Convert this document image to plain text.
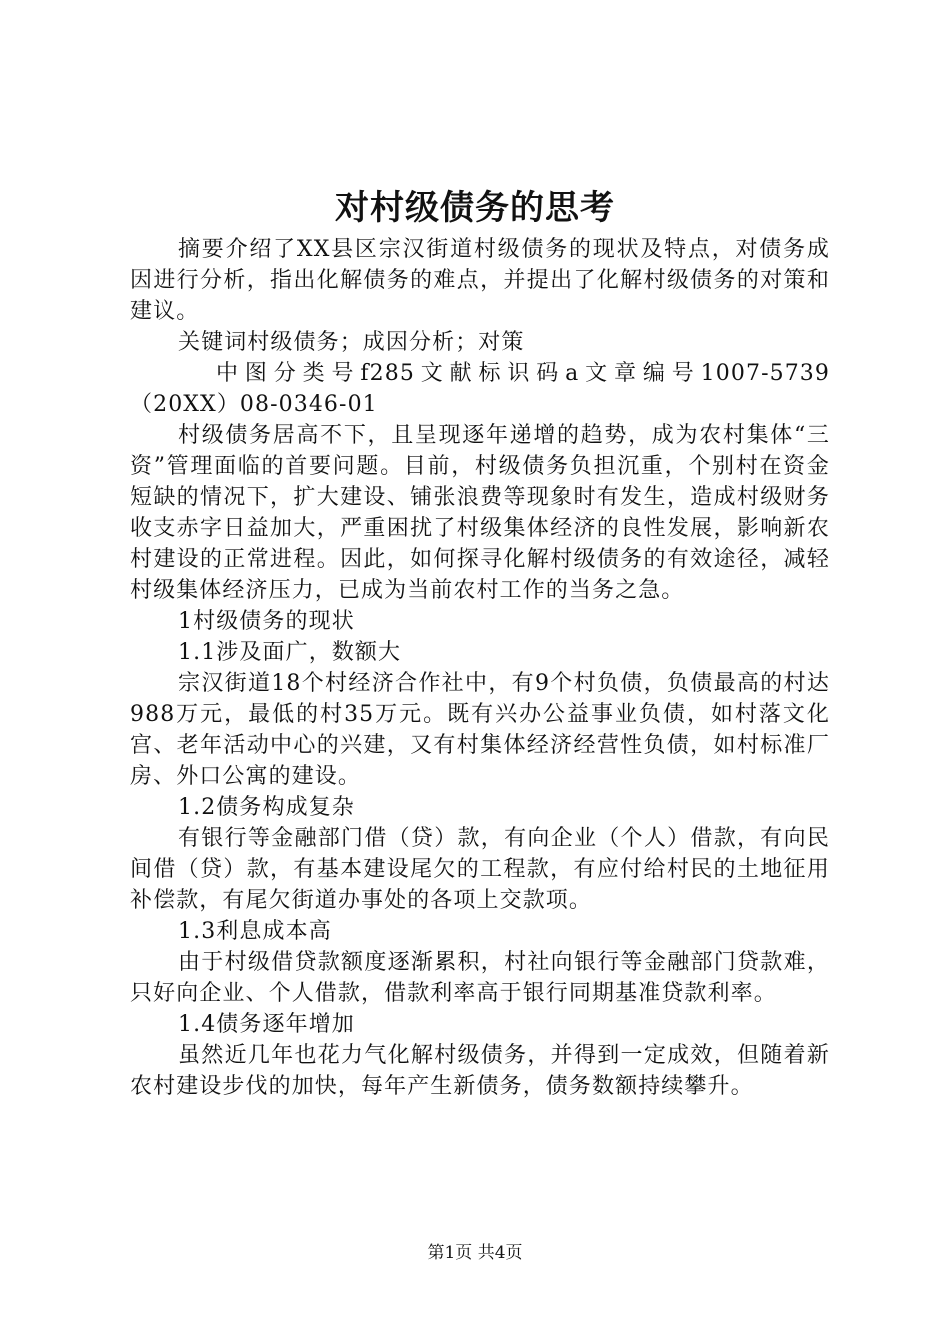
对村级债务的思考

摘要介绍了XX县区宗汉街道村级债务的现状及特点，对债务成因进行分析，指出化解债务的难点，并提出了化解村级债务的对策和建议。

关键词村级债务；成因分析；对策

中图分类号f285文献标识码a文章编号1007-5739（20XX）08-0346-01

村级债务居高不下，且呈现逐年递增的趋势，成为农村集体“三资”管理面临的首要问题。目前，村级债务负担沉重，个别村在资金短缺的情况下，扩大建设、铺张浪费等现象时有发生，造成村级财务收支赤字日益加大，严重困扰了村级集体经济的良性发展，影响新农村建设的正常进程。因此，如何探寻化解村级债务的有效途径，减轻村级集体经济压力，已成为当前农村工作的当务之急。

1村级债务的现状

1.1涉及面广，数额大

宗汉街道18个村经济合作社中，有9个村负债，负债最高的村达988万元，最低的村35万元。既有兴办公益事业负债，如村落文化宫、老年活动中心的兴建，又有村集体经济经营性负债，如村标准厂房、外口公寓的建设。

1.2债务构成复杂

有银行等金融部门借（贷）款，有向企业（个人）借款，有向民间借（贷）款，有基本建设尾欠的工程款，有应付给村民的土地征用补偿款，有尾欠街道办事处的各项上交款项。

1.3利息成本高

由于村级借贷款额度逐渐累积，村社向银行等金融部门贷款难，只好向企业、个人借款，借款利率高于银行同期基准贷款利率。

1.4债务逐年增加

虽然近几年也花力气化解村级债务，并得到一定成效，但随着新农村建设步伐的加快，每年产生新债务，债务数额持续攀升。

第1页 共4页
